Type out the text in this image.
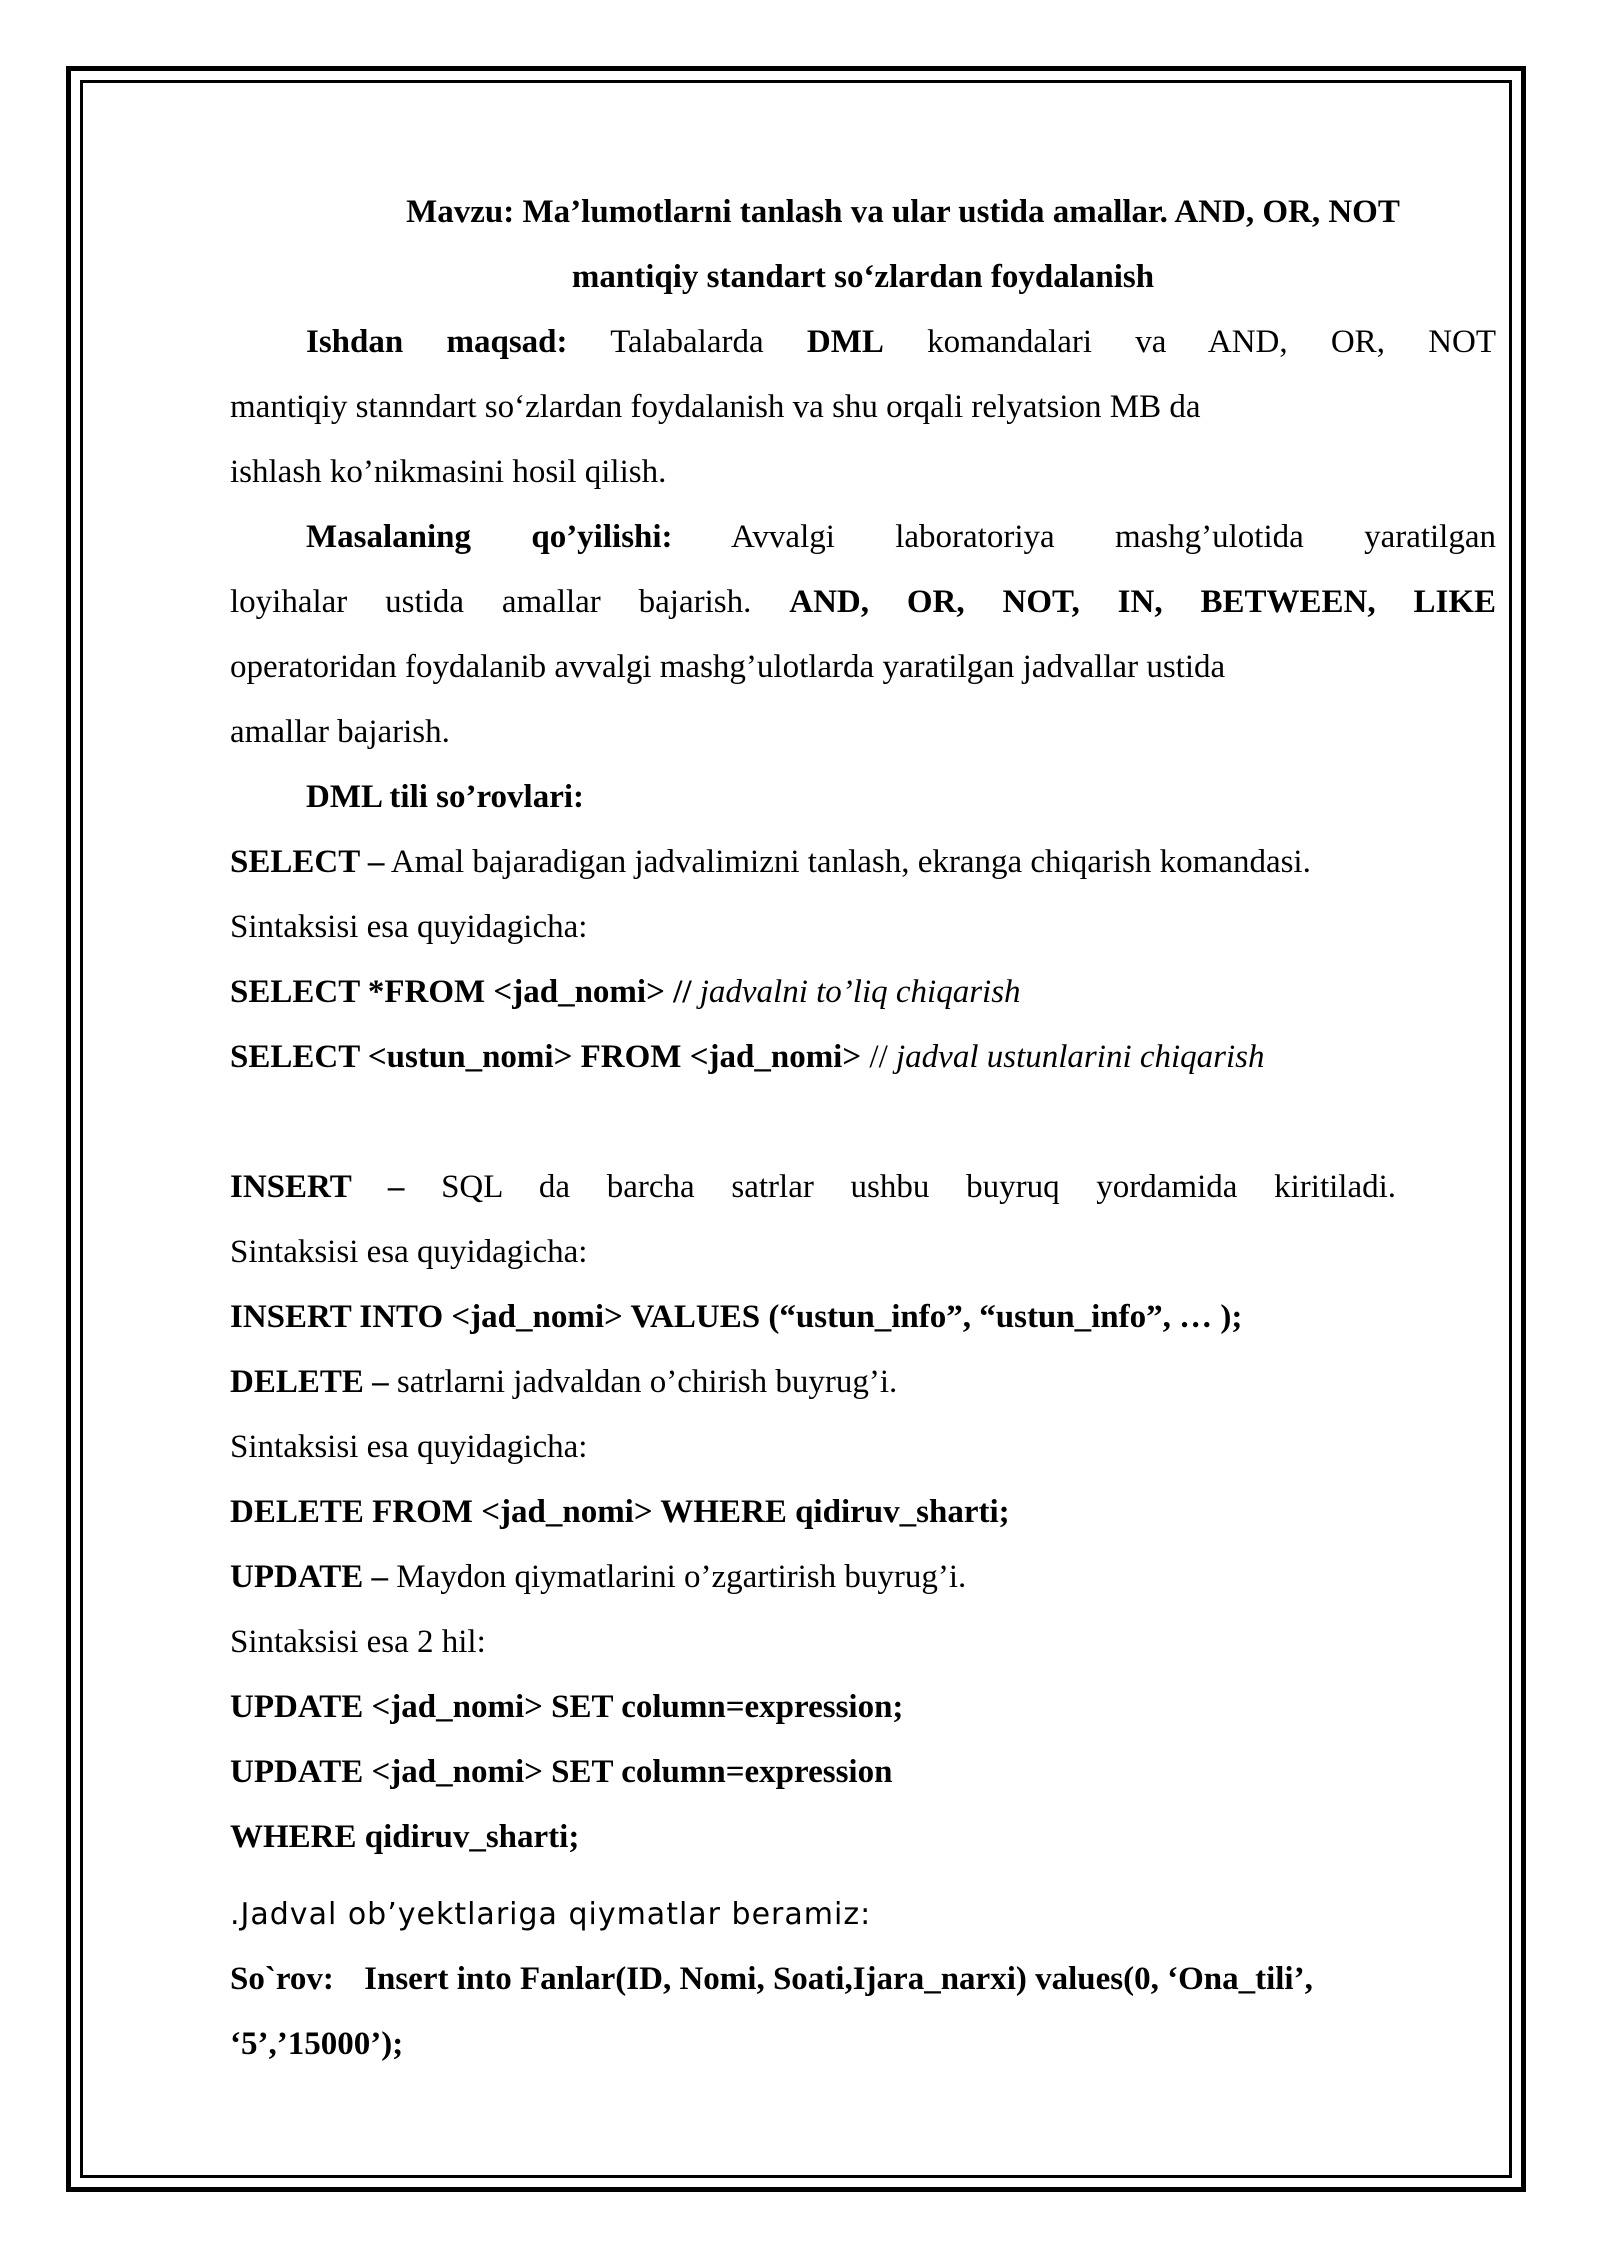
Mavzu: Ma’lumotlarni tanlash va ular ustida amallar. AND, OR, NOT
mantiqiy standart so‘zlardan foydalanish
Ishdan maqsad: Talabalarda DML komandalari va AND, OR, NOT
mantiqiy stanndart so‘zlardan foydalanish va shu orqali relyatsion MB da
ishlash ko’nikmasini hosil qilish.
Masalaning qo’yilishi: Avvalgi laboratoriya mashg’ulotida yaratilgan
loyihalar ustida amallar bajarish. AND, OR, NOT, IN, BETWEEN, LIKE
operatoridan foydalanib avvalgi mashg’ulotlarda yaratilgan jadvallar ustida
amallar bajarish.
DML tili so’rovlari:
SELECT – Amal bajaradigan jadvalimizni tanlash, ekranga chiqarish komandasi.
Sintaksisi esa quyidagicha:
SELECT *FROM <jad_nomi> // jadvalni to’liq chiqarish
SELECT <ustun_nomi> FROM <jad_nomi> // jadval ustunlarini chiqarish
INSERT – SQL da barcha satrlar ushbu buyruq yordamida kiritiladi.
Sintaksisi esa quyidagicha:
INSERT INTO <jad_nomi> VALUES (“ustun_info”, “ustun_info”, … );
DELETE – satrlarni jadvaldan o’chirish buyrug’i.
Sintaksisi esa quyidagicha:
DELETE FROM <jad_nomi> WHERE qidiruv_sharti;
UPDATE – Maydon qiymatlarini o’zgartirish buyrug’i.
Sintaksisi esa 2 hil:
UPDATE <jad_nomi> SET column=expression;
UPDATE <jad_nomi> SET column=expression
WHERE qidiruv_sharti;
.Jadval ob’yektlariga qiymatlar beramiz:
So`rov: Insert into Fanlar(ID, Nomi, Soati,Ijara_narxi) values(0, ‘Ona_tili’,
‘5’,’15000’);
